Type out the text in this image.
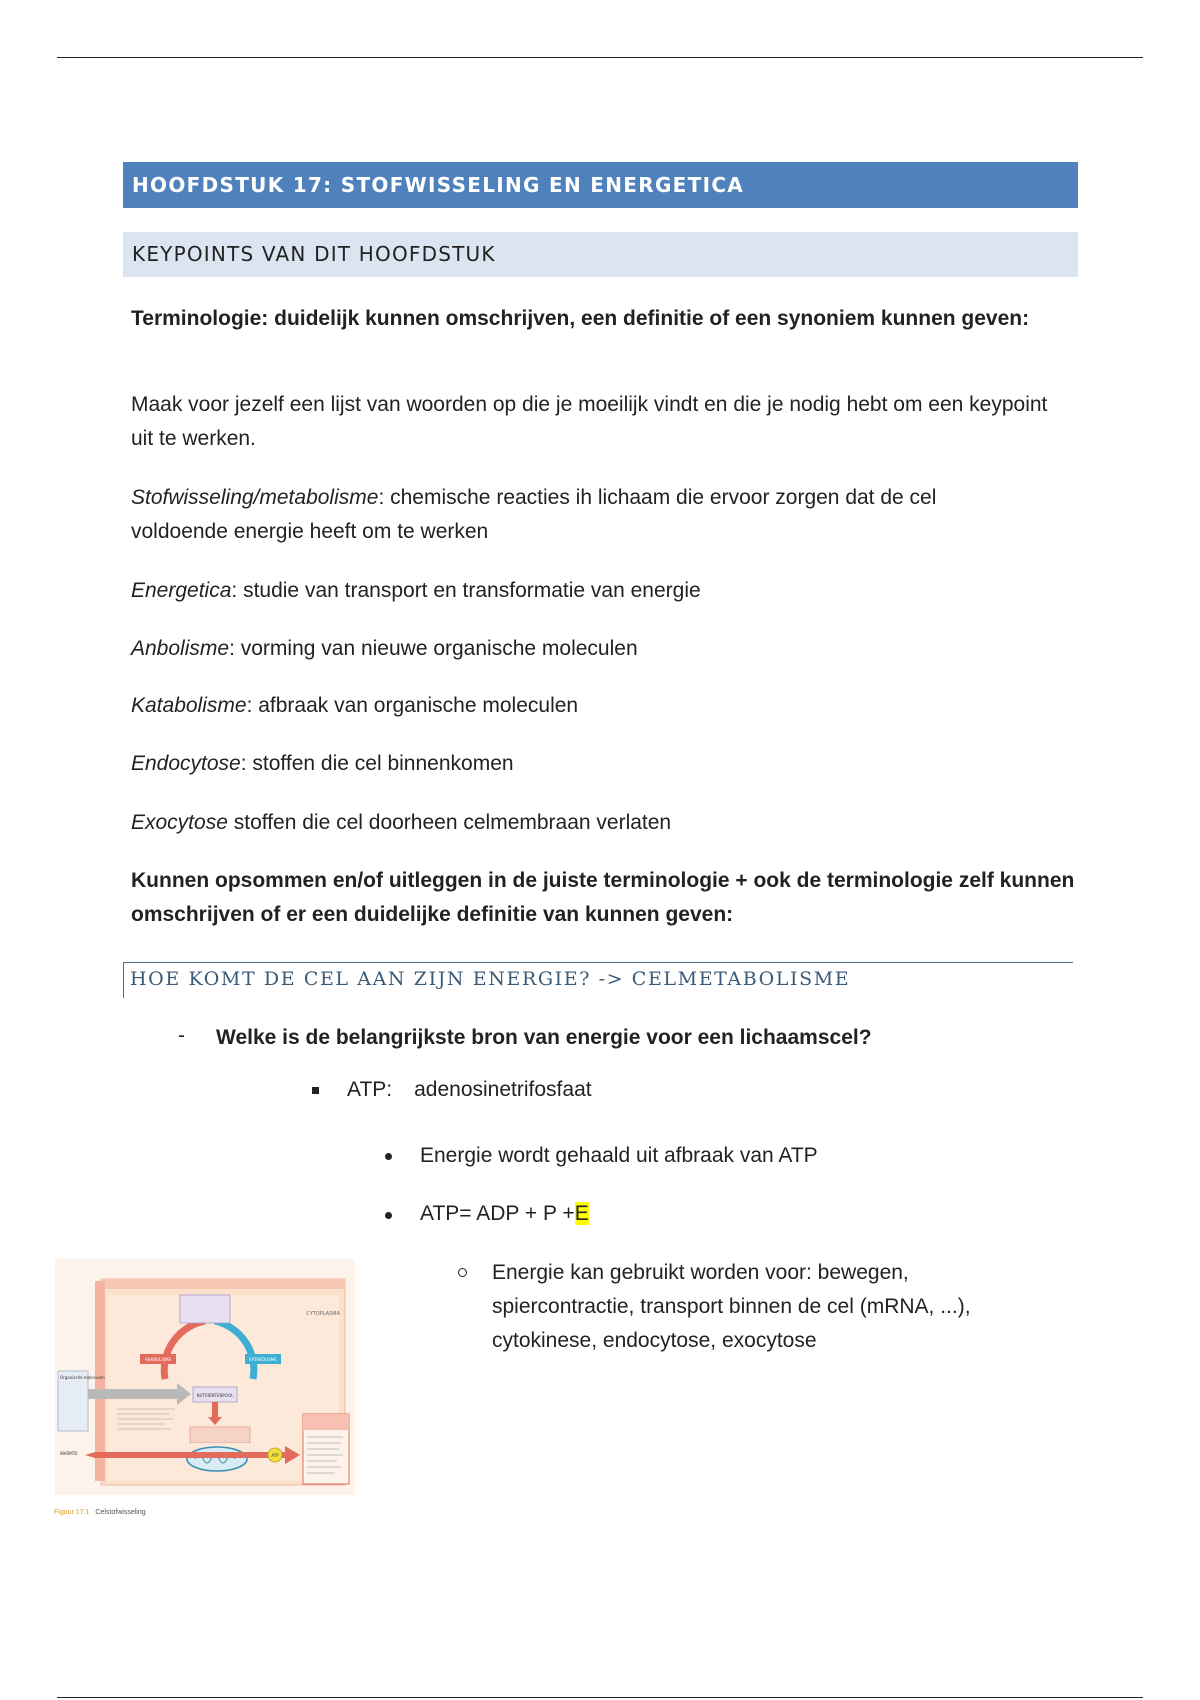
HOOFDSTUK 17: STOFWISSELING EN ENERGETICA
KEYPOINTS VAN DIT HOOFDSTUK
Terminologie: duidelijk kunnen omschrijven, een definitie of een synoniem kunnen geven:
Maak voor jezelf een lijst van woorden op die je moeilijk vindt en die je nodig hebt om een keypoint uit te werken.
Stofwisseling/metabolisme: chemische reacties ih lichaam die ervoor zorgen dat de cel voldoende energie heeft om te werken
Energetica: studie van transport en transformatie van energie
Anbolisme: vorming van nieuwe organische moleculen
Katabolisme: afbraak van organische moleculen
Endocytose: stoffen die cel binnenkomen
Exocytose stoffen die cel doorheen celmembraan verlaten
Kunnen opsommen en/of uitleggen in de juiste terminologie + ook de terminologie zelf kunnen omschrijven of er een duidelijke definitie van kunnen geven:
HOE KOMT DE CEL AAN ZIJN ENERGIE? -> CELMETABOLISME
- Welke is de belangrijkste bron van energie voor een lichaamscel?
ATP: adenosinetrifosfaat
Energie wordt gehaald uit afbraak van ATP
ATP= ADP + P +E
Energie kan gebruikt worden voor: bewegen, spiercontractie, transport binnen de cel (mRNA, ...), cytokinese, endocytose, exocytose
CYTOPLASMA
ANABOLISME	KATABOLISME
NUTRIËNTENPOOL
Organische moleculen
WARMTE	ATP
Figuur 17.1 Celstofwisseling
